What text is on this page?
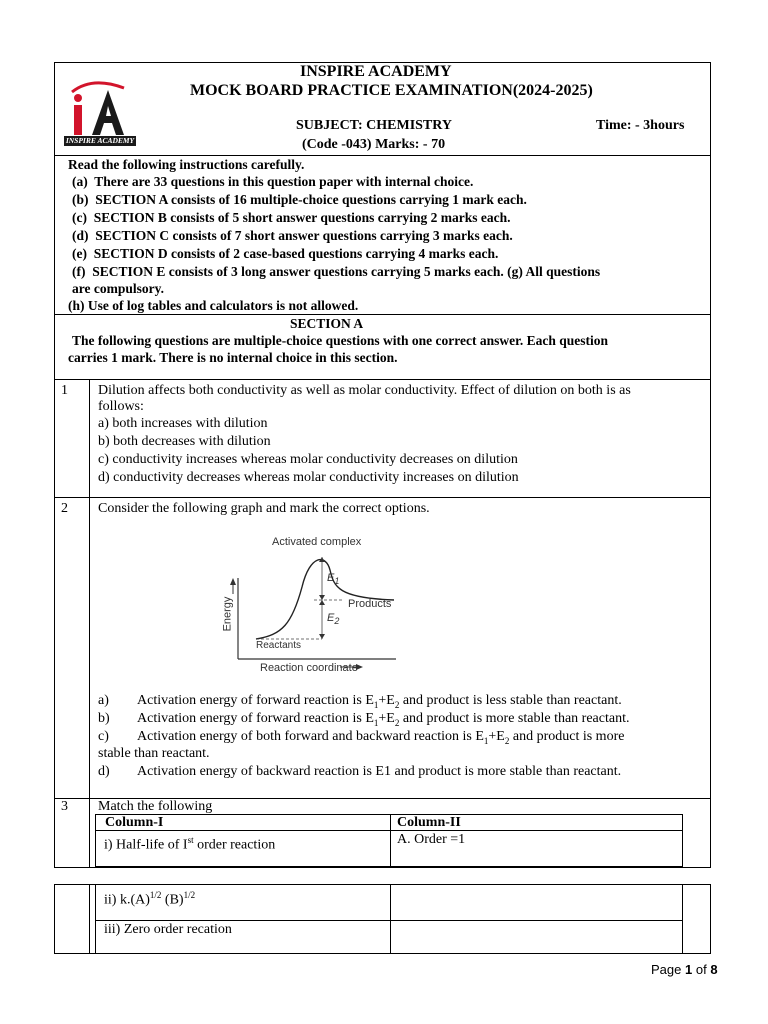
INSPIRE ACADEMY
INSPIRE ACADEMY
MOCK BOARD PRACTICE EXAMINATION(2024-2025)
SUBJECT: CHEMISTRY	Time: - 3hours
(Code -043) Marks: - 70
Read the following instructions carefully.
(a) There are 33 questions in this question paper with internal choice.
(b) SECTION A consists of 16 multiple-choice questions carrying 1 mark each.
(c) SECTION B consists of 5 short answer questions carrying 2 marks each.
(d) SECTION C consists of 7 short answer questions carrying 3 marks each.
(e) SECTION D consists of 2 case-based questions carrying 4 marks each.
(f) SECTION E consists of 3 long answer questions carrying 5 marks each. (g) All questions
are compulsory.
(h) Use of log tables and calculators is not allowed.
SECTION A
The following questions are multiple-choice questions with one correct answer. Each question
carries 1 mark. There is no internal choice in this section.
1 Dilution affects both conductivity as well as molar conductivity. Effect of dilution on both is as
follows:
a) both increases with dilution
b) both decreases with dilution
c) conductivity increases whereas molar conductivity decreases on dilution
d) conductivity decreases whereas molar conductivity increases on dilution
2 Consider the following graph and mark the correct options.
Activated complex
$E_1$
$E_2$
Products
Reactants
Reaction coordinate
Energy
a) Activation energy of forward reaction is $E_1+E_2$ and product is less stable than reactant.
b) Activation energy of forward reaction is $E_1+E_2$ and product is more stable than reactant.
c) Activation energy of both forward and backward reaction is $E_1+E_2$ and product is more
stable than reactant.
d) Activation energy of backward reaction is E1 and product is more stable than reactant.
3 Match the following
Column-I	Column-II
i) Half-life of Ist order reaction	A. Order =1
ii) $k.(A)^{1/2}$ $(B)^{1/2}$
iii) Zero order recation
Page 1 of 8
